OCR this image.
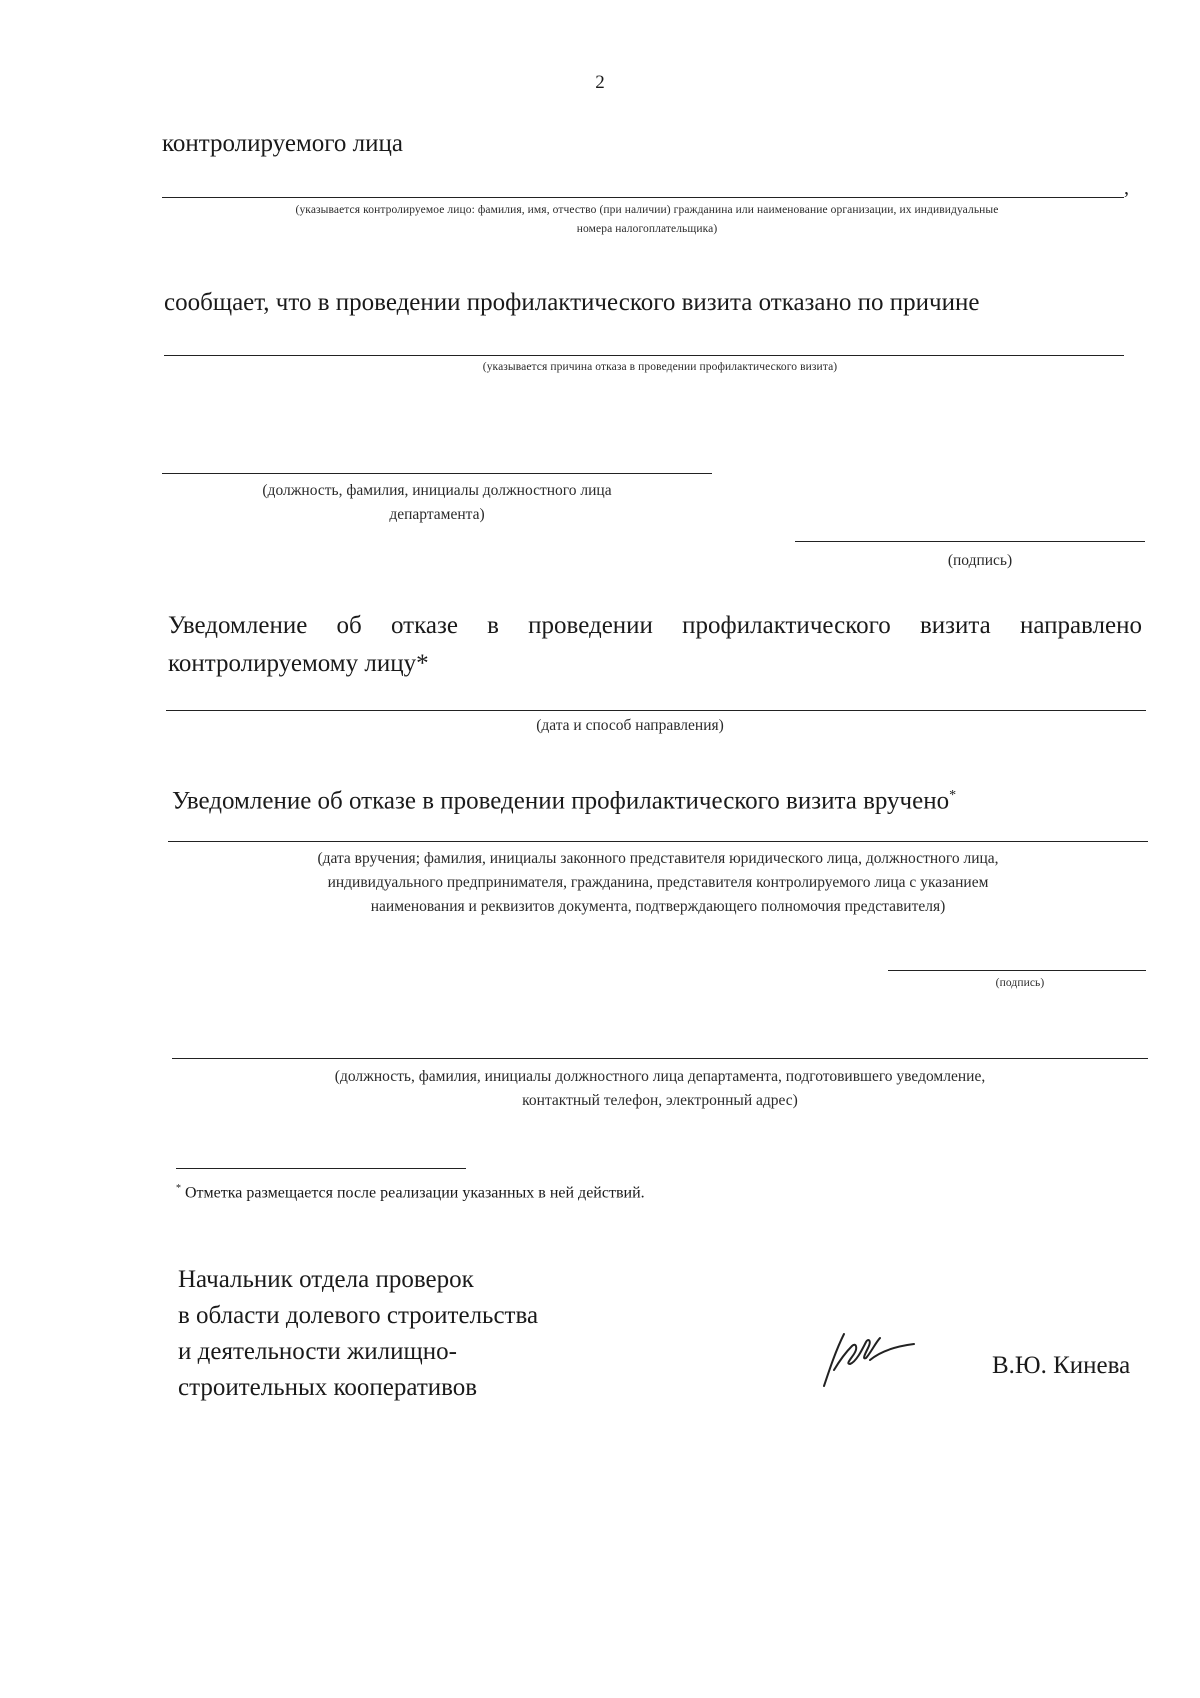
2
контролируемого лица
,
(указывается контролируемое лицо: фамилия, имя, отчество (при наличии) гражданина или наименование организации, их индивидуальные
номера налогоплательщика)
сообщает, что в проведении профилактического визита отказано по причине
(указывается причина отказа в проведении профилактического визита)
(должность, фамилия, инициалы должностного лица
департамента)
(подпись)
Уведомление об отказе в проведении профилактического визита направлено
контролируемому лицу*
(дата и способ направления)
Уведомление об отказе в проведении профилактического визита вручено*
(дата вручения; фамилия, инициалы законного представителя юридического лица, должностного лица,
индивидуального предпринимателя, гражданина, представителя контролируемого лица с указанием
наименования и реквизитов документа, подтверждающего полномочия представителя)
(подпись)
(должность, фамилия, инициалы должностного лица департамента, подготовившего уведомление,
контактный телефон, электронный адрес)
* Отметка размещается после реализации указанных в ней действий.
Начальник отдела проверок
в области долевого строительства
и деятельности жилищно-
строительных кооперативов
В.Ю. Кинева
